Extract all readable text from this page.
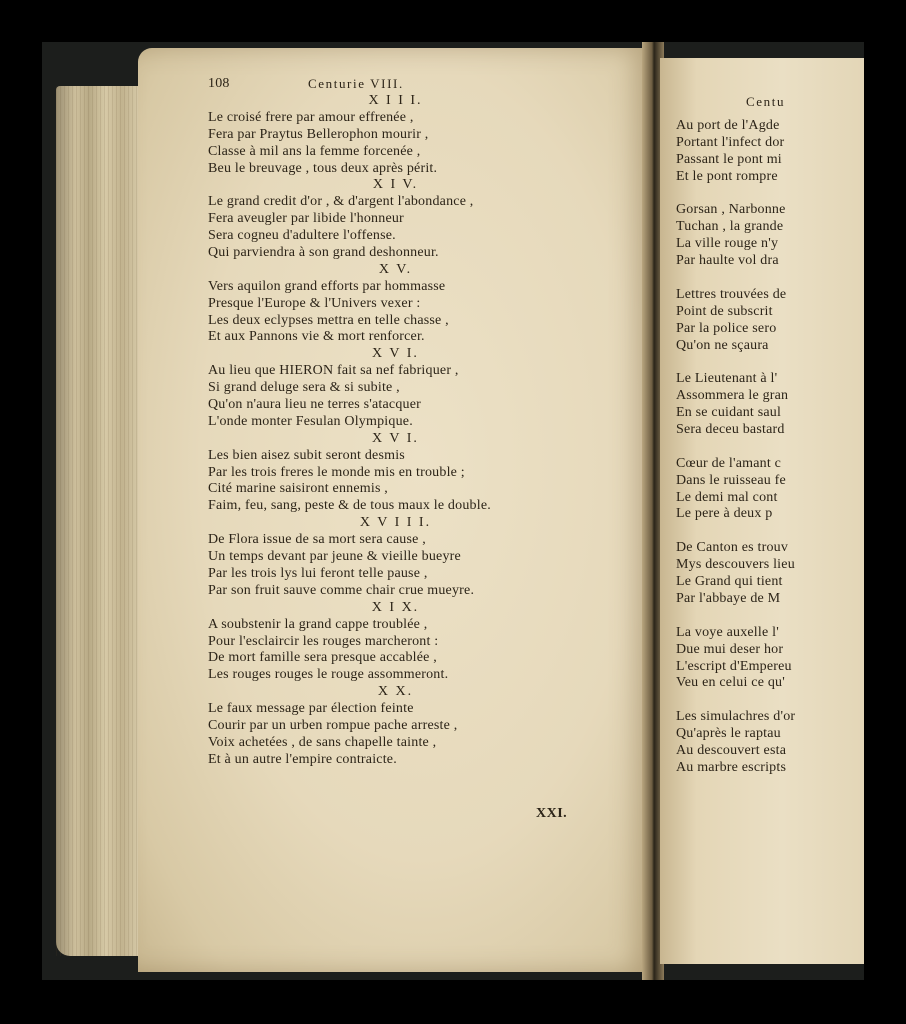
108	Centurie VIII.
X I I I.
Le croisé frere par amour effrenée ,
Fera par Praytus Bellerophon mourir ,
Classe à mil ans la femme forcenée ,
Beu le breuvage , tous deux après périt.
X I V.
Le grand credit d'or , & d'argent l'abondance ,
Fera aveugler par libide l'honneur
Sera cogneu d'adultere l'offense.
Qui parviendra à son grand deshonneur.
X V.
Vers aquilon grand efforts par hommasse
Presque l'Europe & l'Univers vexer :
Les deux eclypses mettra en telle chasse ,
Et aux Pannons vie & mort renforcer.
X V I.
Au lieu que HIERON fait sa nef fabriquer ,
Si grand deluge sera & si subite ,
Qu'on n'aura lieu ne terres s'atacquer
L'onde monter Fesulan Olympique.
X V I.
Les bien aisez subit seront desmis
Par les trois freres le monde mis en trouble ;
Cité marine saisiront ennemis ,
Faim, feu, sang, peste & de tous maux le double.
X V I I I.
De Flora issue de sa mort sera cause ,
Un temps devant par jeune & vieille bueyre
Par les trois lys lui feront telle pause ,
Par son fruit sauve comme chair crue mueyre.
X I X.
A soubstenir la grand cappe troublée ,
Pour l'esclaircir les rouges marcheront :
De mort famille sera presque accablée ,
Les rouges rouges le rouge assommeront.
X X.
Le faux message par élection feinte
Courir par un urben rompue pache arreste ,
Voix achetées , de sans chapelle tainte ,
Et à un autre l'empire contraicte.
XXI.
Centu
Au port de l'Agde
Portant l'infect dor
Passant le pont mi
Et le pont rompre
Gorsan , Narbonne
Tuchan , la grande
La ville rouge n'y
Par haulte vol dra
Lettres trouvées de
Point de subscrit
Par la police sero
Qu'on ne sçaura
Le Lieutenant à l'
Assommera le gran
En se cuidant saul
Sera deceu bastard
Cœur de l'amant c
Dans le ruisseau fe
Le demi mal cont
Le pere à deux p
De Canton es trouv
Mys descouvers lieu
Le Grand qui tient
Par l'abbaye de M
La voye auxelle l'
Due mui deser hor
L'escript d'Empereu
Veu en celui ce qu'
Les simulachres d'or
Qu'après le raptau
Au descouvert esta
Au marbre escripts
